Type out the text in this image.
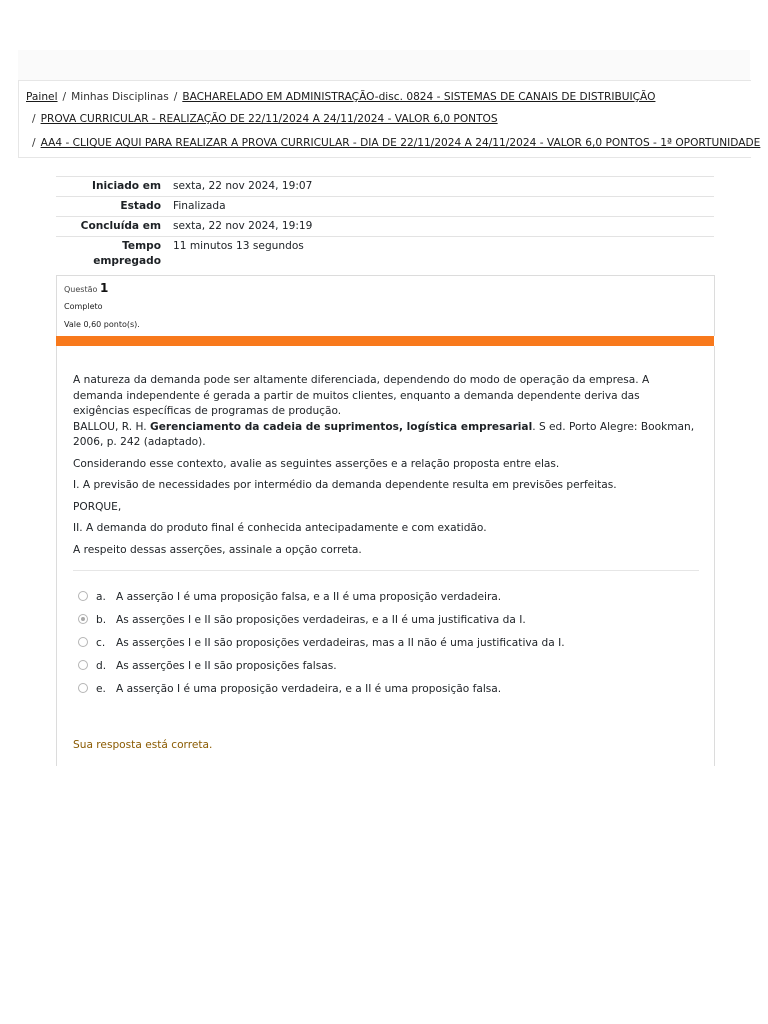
Painel / Minhas Disciplinas / BACHARELADO EM ADMINISTRAÇÃO-disc. 0824 - SISTEMAS DE CANAIS DE DISTRIBUIÇÃO
/ PROVA CURRICULAR - REALIZAÇÃO DE 22/11/2024 A 24/11/2024 - VALOR 6,0 PONTOS
/ AA4 - CLIQUE AQUI PARA REALIZAR A PROVA CURRICULAR - DIA DE 22/11/2024 A 24/11/2024 - VALOR 6,0 PONTOS - 1ª OPORTUNIDADE
Iniciado em	sexta, 22 nov 2024, 19:07
Estado	Finalizada
Concluída em	sexta, 22 nov 2024, 19:19
Tempo
empregado	11 minutos 13 segundos
Questão 1
Completo
Vale 0,60 ponto(s).

A natureza da demanda pode ser altamente diferenciada, dependendo do modo de operação da empresa. A demanda independente é gerada a partir de muitos clientes, enquanto a demanda dependente deriva das exigências específicas de programas de produção.

BALLOU, R. H. Gerenciamento da cadeia de suprimentos, logística empresarial. S ed. Porto Alegre: Bookman, 2006, p. 242 (adaptado).

Considerando esse contexto, avalie as seguintes asserções e a relação proposta entre elas.

I. A previsão de necessidades por intermédio da demanda dependente resulta em previsões perfeitas.

PORQUE,

II. A demanda do produto final é conhecida antecipadamente e com exatidão.

A respeito dessas asserções, assinale a opção correta.

a. A asserção I é uma proposição falsa, e a II é uma proposição verdadeira.
b. As asserções I e II são proposições verdadeiras, e a II é uma justificativa da I.
c. As asserções I e II são proposições verdadeiras, mas a II não é uma justificativa da I.
d. As asserções I e II são proposições falsas.
e. A asserção I é uma proposição verdadeira, e a II é uma proposição falsa.
Sua resposta está correta.
